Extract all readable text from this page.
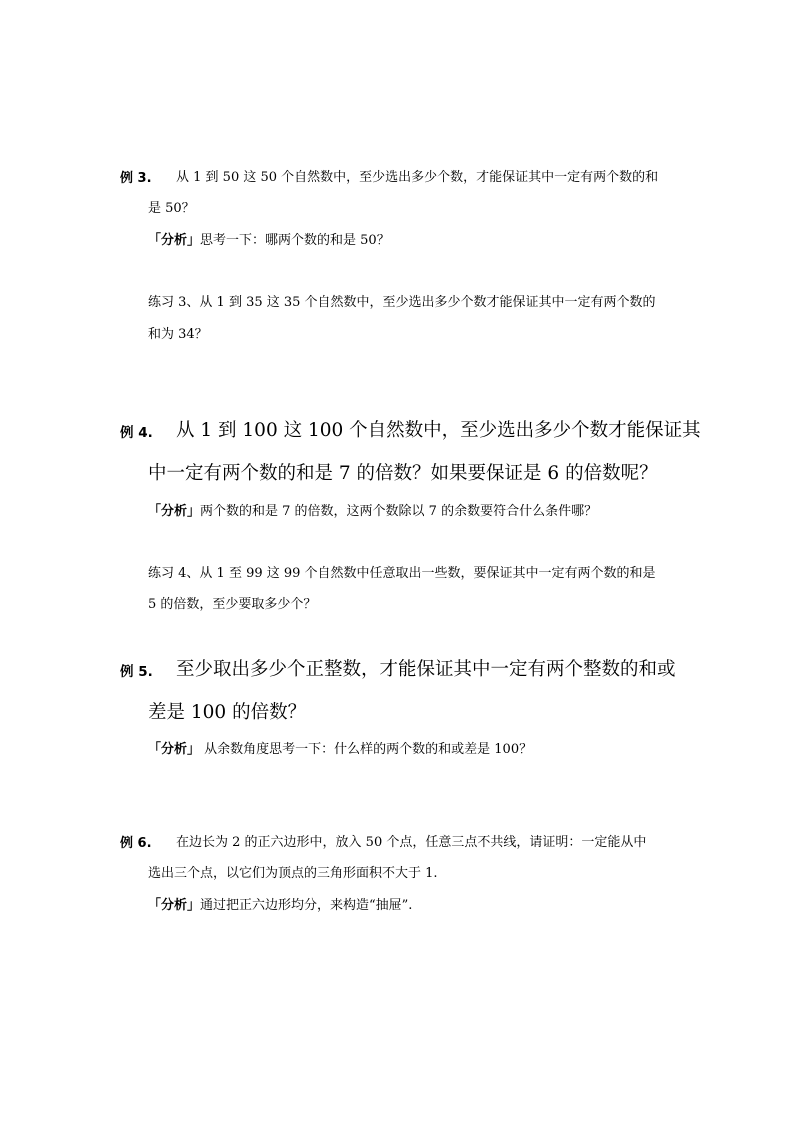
例 3. 从 1 到 50 这 50 个自然数中，至少选出多少个数，才能保证其中一定有两个数的和
是 50？
「分析」思考一下：哪两个数的和是 50？
练习 3、从 1 到 35 这 35 个自然数中，至少选出多少个数才能保证其中一定有两个数的
和为 34？
例 4. 从 1 到 100 这 100 个自然数中，至少选出多少个数才能保证其
中一定有两个数的和是 7 的倍数？如果要保证是 6 的倍数呢？
「分析」两个数的和是 7 的倍数，这两个数除以 7 的余数要符合什么条件哪？
练习 4、从 1 至 99 这 99 个自然数中任意取出一些数，要保证其中一定有两个数的和是
5 的倍数，至少要取多少个？
例 5. 至少取出多少个正整数，才能保证其中一定有两个整数的和或
差是 100 的倍数？
「分析」 从余数角度思考一下：什么样的两个数的和或差是 100？
例 6. 在边长为 2 的正六边形中，放入 50 个点，任意三点不共线，请证明：一定能从中
选出三个点，以它们为顶点的三角形面积不大于 1.
「分析」通过把正六边形均分，来构造“抽屉”.
